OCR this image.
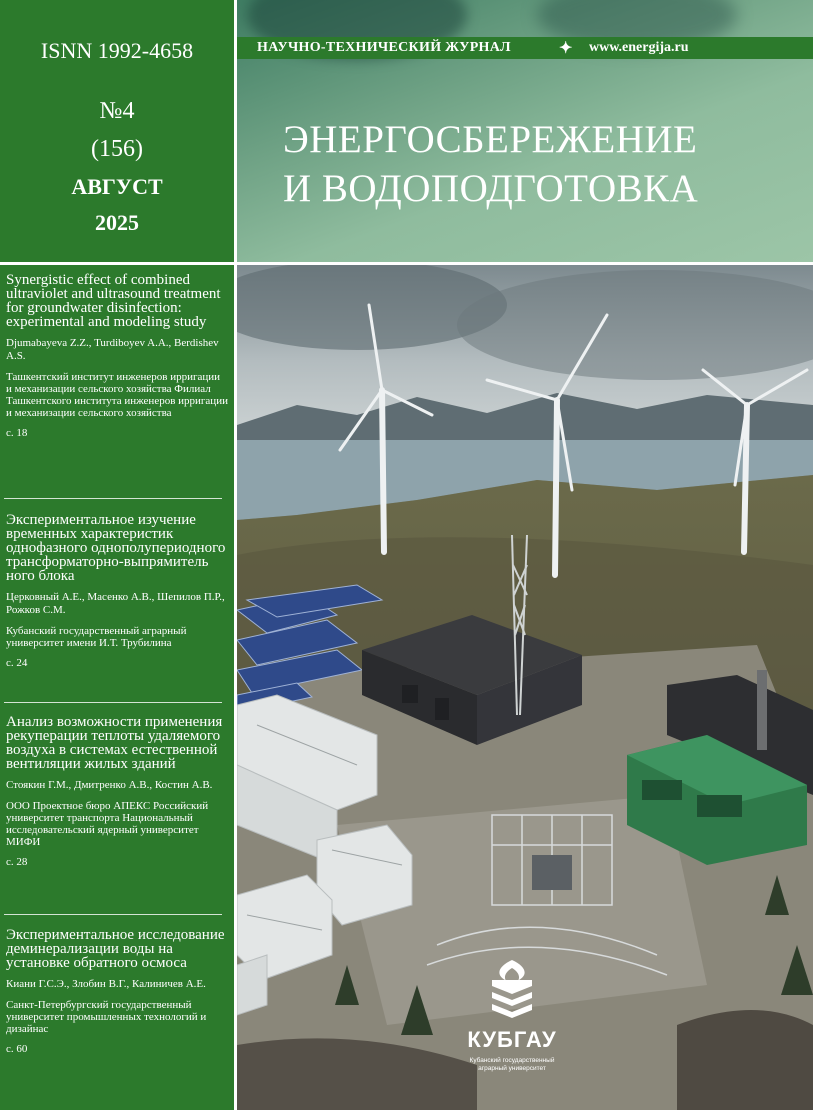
ISNN 1992-4658
№4
(156)
АВГУСТ
2025
НАУЧНО-ТЕХНИЧЕСКИЙ ЖУРНАЛ	✦ www.energija.ru
ЭНЕРГОСБЕРЕЖЕНИЕ
И ВОДОПОДГОТОВКА
Synergistic effect of combined ultraviolet and ultrasound treatment for groundwater disinfection: experimental and modeling study
Djumabayeva Z.Z., Turdiboyev A.A., Berdishev A.S.
Ташкентский институт инженеров ирригации и механизации сельского хозяйства Филиал Ташкентского института инженеров ирригации и механизации сельского хозяйства
с. 18
Экспериментальное изучение временных характеристик однофазного однополупериодного трансформаторно-выпрямитель ного блока
Церковный А.Е., Масенко А.В., Шепилов П.Р., Рожков С.М.
Кубанский государственный аграрный университет имени И.Т. Трубилина
с. 24
Анализ возможности применения рекуперации теплоты удаляемого воздуха в системах естественной вентиляции жилых зданий
Стоякин Г.М., Дмитренко А.В., Костин А.В.
ООО Проектное бюро АПЕКС Российский университет транспорта Национальный исследовательский ядерный университет МИФИ
с. 28
Экспериментальное исследование деминерализации воды на установке обратного осмоса
Киани Г.С.Э., Злобин В.Г., Калиничев А.Е.
Санкт-Петербургский государственный университет промышленных технологий и дизайнас
с. 60	КУБГАУ
Кубанский государственный
аграрный университет
